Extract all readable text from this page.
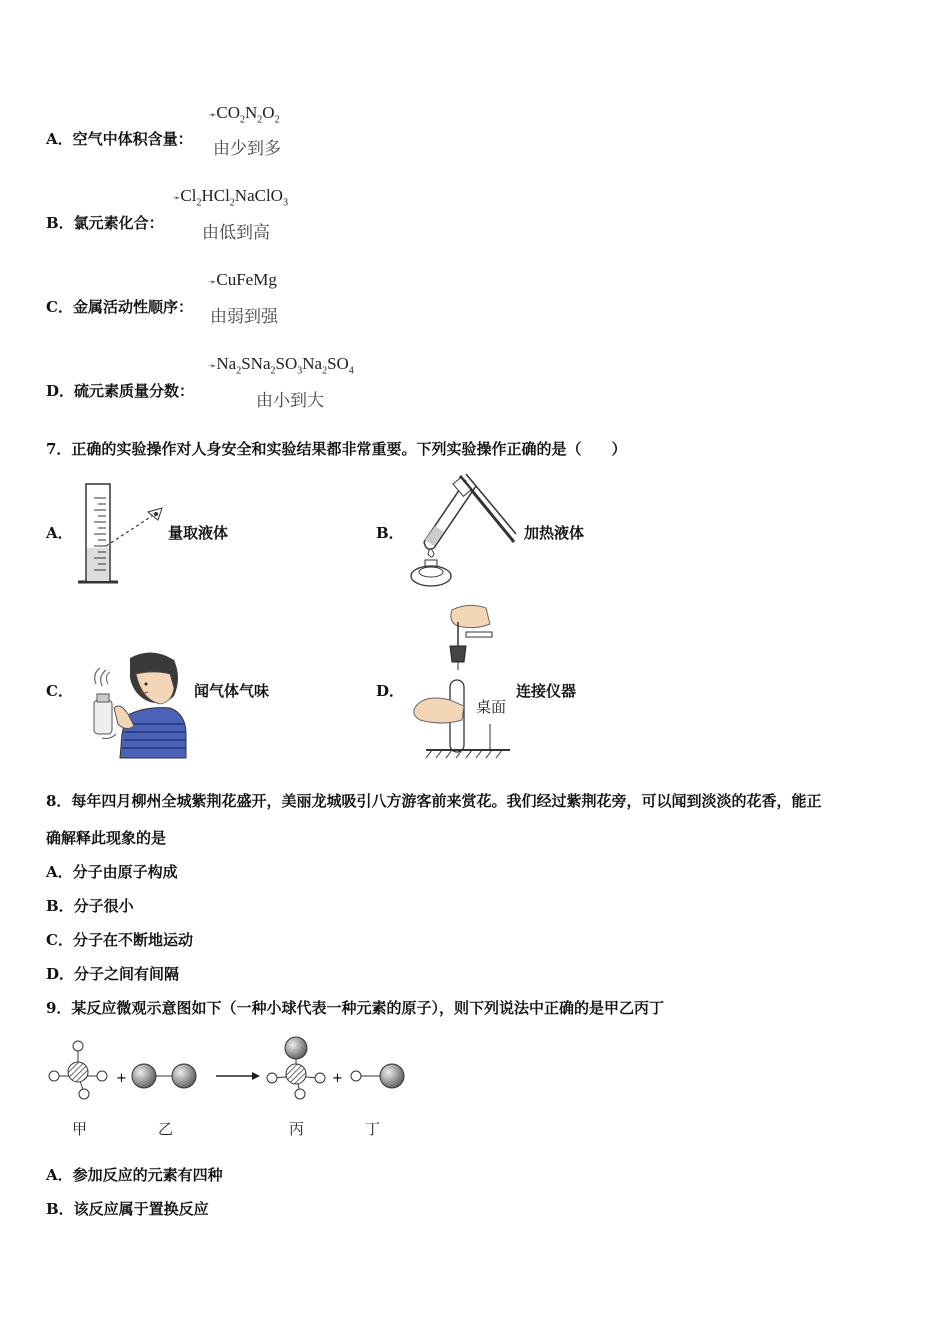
A．空气中体积含量：
$➛CO_2N_2O_2$
由少到多
B．氯元素化合：
$➛Cl_2HCl_2NaClO_3$
由低到高
C．金属活动性顺序：
➛CuFeMg
由弱到强
D．硫元素质量分数：
$➛Na_2SNa_2SO_3Na_2SO_4$
由小到大
7．正确的实验操作对人身安全和实验结果都非常重要。下列实验操作正确的是（　　）
A．	量取液体	B．	加热液体
C．	闻气体气味	D．
桌面
连接仪器
8．每年四月柳州全城紫荆花盛开，美丽龙城吸引八方游客前来赏花。我们经过紫荆花旁，可以闻到淡淡的花香，能正
确解释此现象的是
A．分子由原子构成
B．分子很小
C．分子在不断地运动
D．分子之间有间隔
9．某反应微观示意图如下（一种小球代表一种元素的原子），则下列说法中正确的是甲乙丙丁
+	+
甲	乙	丙	丁
A．参加反应的元素有四种
B．该反应属于置换反应
